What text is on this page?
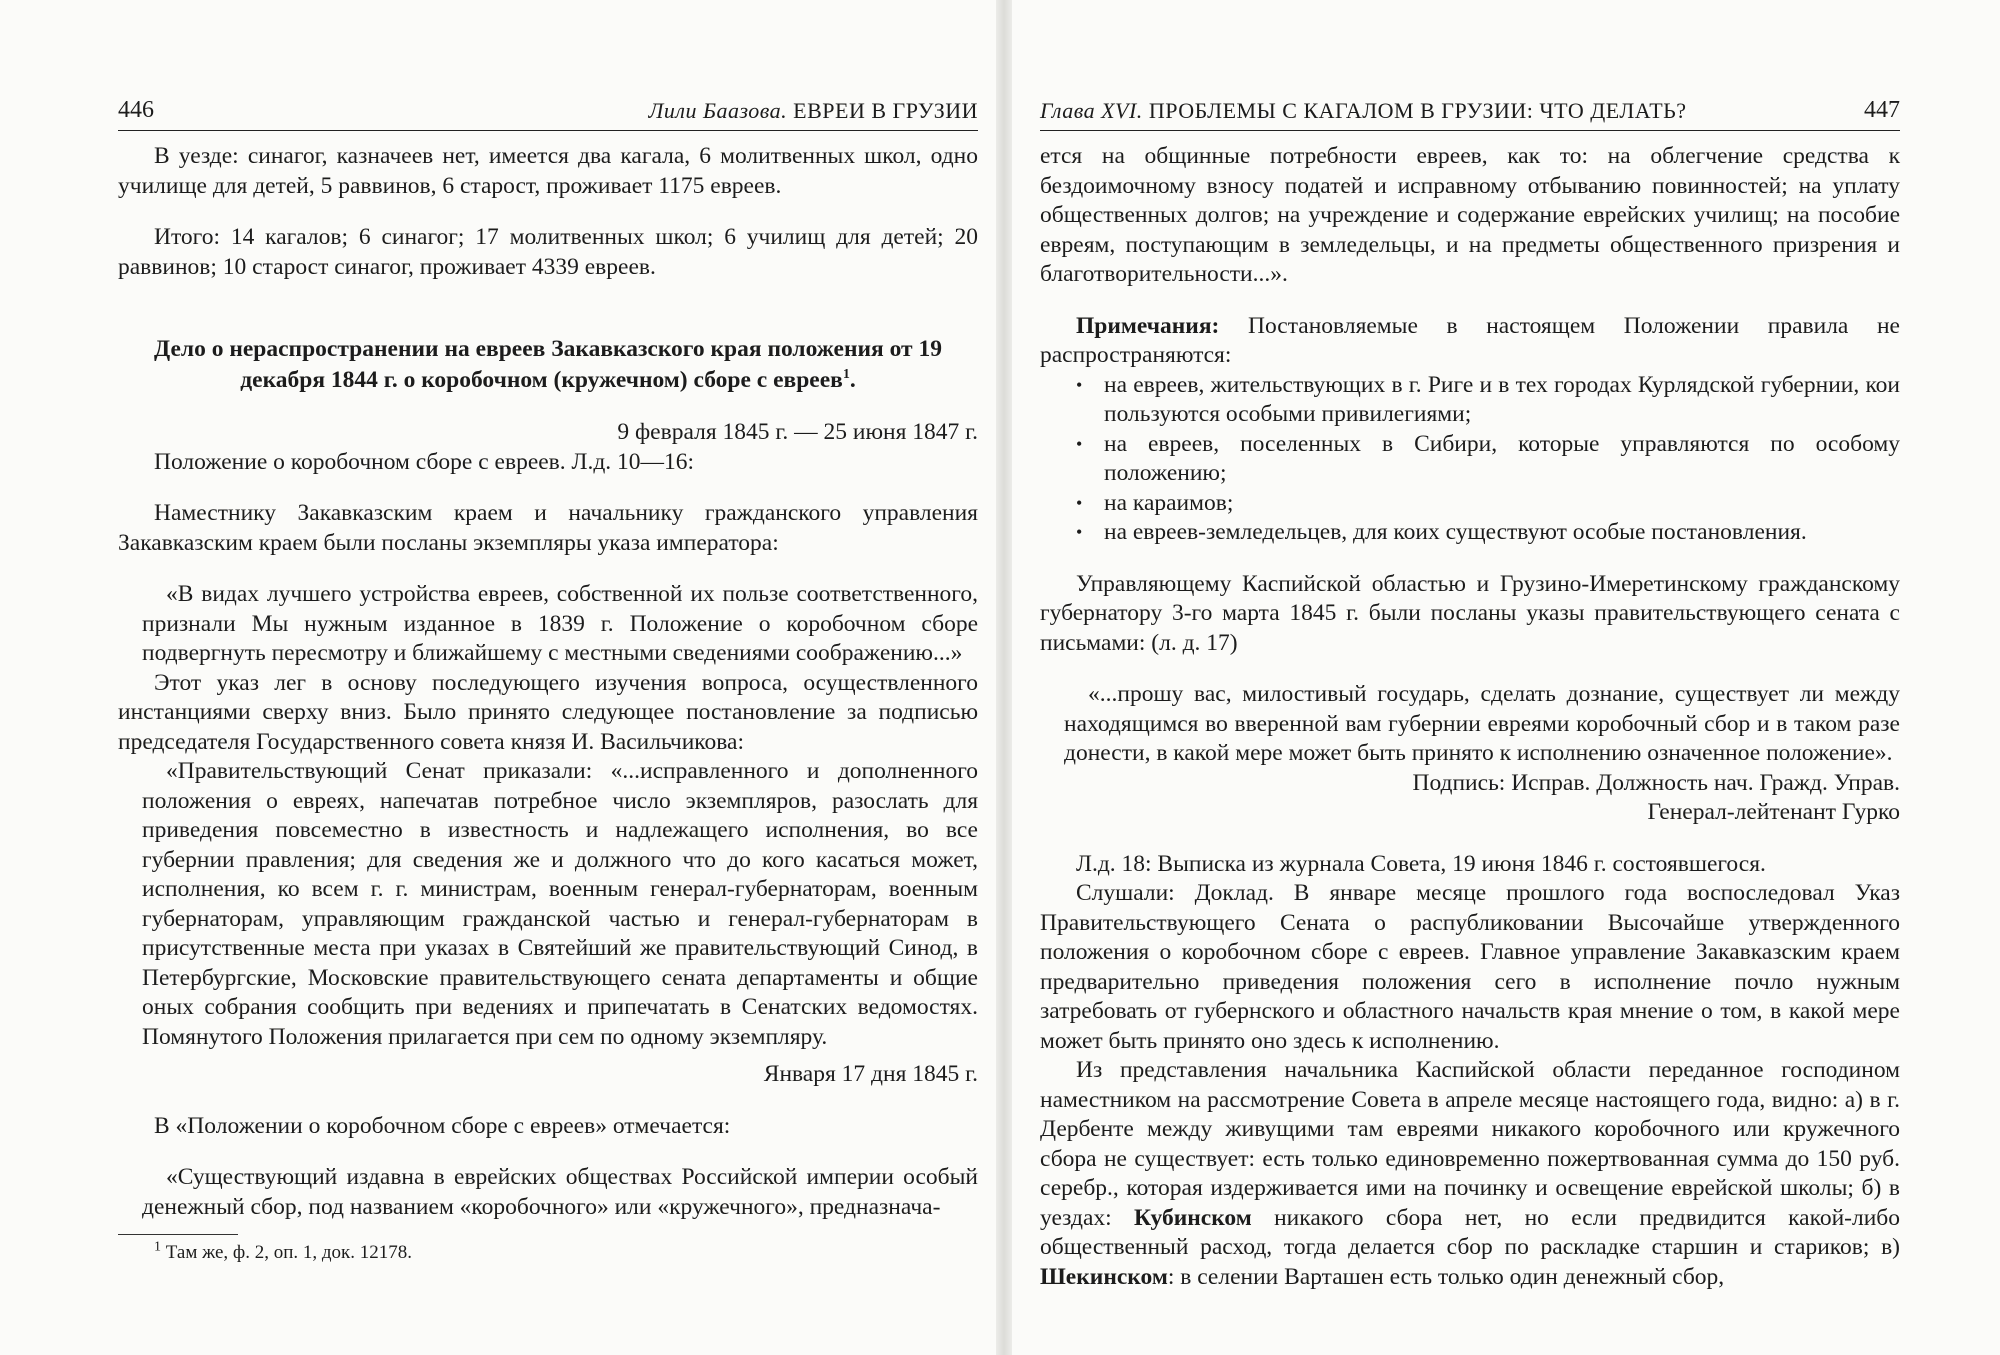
446	Лили Баазова. ЕВРЕИ В ГРУЗИИ

В уезде: синагог, казначеев нет, имеется два кагала, 6 молитвенных школ, одно училище для детей, 5 раввинов, 6 старост, проживает 1175 евреев.

Итого: 14 кагалов; 6 синагог; 17 молитвенных школ; 6 училищ для детей; 20 раввинов; 10 старост синагог, проживает 4339 евреев.

Дело о нераспространении на евреев Закавказского края положения от 19 декабря 1844 г. о коробочном (кружечном) сборе с евреев$^1$.

9 февраля 1845 г. — 25 июня 1847 г.

Положение о коробочном сборе с евреев. Л.д. 10—16:

Наместнику Закавказским краем и начальнику гражданского управления Закавказским краем были посланы экземпляры указа императора:

«В видах лучшего устройства евреев, собственной их пользе соответственного, признали Мы нужным изданное в 1839 г. Положение о коробочном сборе подвергнуть пересмотру и ближайшему с местными сведениями соображению...»

Этот указ лег в основу последующего изучения вопроса, осуществленного инстанциями сверху вниз. Было принято следующее постановление за подписью председателя Государственного совета князя И. Васильчикова:

«Правительствующий Сенат приказали: «...исправленного и дополненного положения о евреях, напечатав потребное число экземпляров, разослать для приведения повсеместно в известность и надлежащего исполнения, во все губернии правления; для сведения же и должного что до кого касаться может, исполнения, ко всем г. г. министрам, военным генерал-губернаторам, военным губернаторам, управляющим гражданской частью и генерал-губернаторам в присутственные места при указах в Святейший же правительствующий Синод, в Петербургские, Московские правительствующего сената департаменты и общие оных собрания сообщить при ведениях и припечатать в Сенатских ведомостях. Помянутого Положения прилагается при сем по одному экземпляру.

Января 17 дня 1845 г.

В «Положении о коробочном сборе с евреев» отмечается:

«Существующий издавна в еврейских обществах Российской империи особый денежный сбор, под названием «коробочного» или «кружечного», предназнача-

$^1$ Там же, ф. 2, оп. 1, док. 12178.

Глава XVI. ПРОБЛЕМЫ С КАГАЛОМ В ГРУЗИИ: ЧТО ДЕЛАТЬ?	447

ется на общинные потребности евреев, как то: на облегчение средства к бездоимочному взносу податей и исправному отбыванию повинностей; на уплату общественных долгов; на учреждение и содержание еврейских училищ; на пособие евреям, поступающим в земледельцы, и на предметы общественного призрения и благотворительности...».

Примечания: Постановляемые в настоящем Положении правила не распространяются:

• на евреев, жительствующих в г. Риге и в тех городах Курлядской губернии, кои пользуются особыми привилегиями;
• на евреев, поселенных в Сибири, которые управляются по особому положению;
• на караимов;
• на евреев-земледельцев, для коих существуют особые постановления.

Управляющему Каспийской областью и Грузино-Имеретинскому гражданскому губернатору 3-го марта 1845 г. были посланы указы правительствующего сената с письмами: (л. д. 17)

«...прошу вас, милостивый государь, сделать дознание, существует ли между находящимся во вверенной вам губернии евреями коробочный сбор и в таком разе донести, в какой мере может быть принято к исполнению означенное положение».

Подпись: Исправ. Должность нач. Гражд. Управ.

Генерал-лейтенант Гурко

Л.д. 18: Выписка из журнала Совета, 19 июня 1846 г. состоявшегося.

Слушали: Доклад. В январе месяце прошлого года воспоследовал Указ Правительствующего Сената о распубликовании Высочайше утвержденного положения о коробочном сборе с евреев. Главное управление Закавказским краем предварительно приведения положения сего в исполнение почло нужным затребовать от губернского и областного начальств края мнение о том, в какой мере может быть принято оно здесь к исполнению.

Из представления начальника Каспийской области переданное господином наместником на рассмотрение Совета в апреле месяце настоящего года, видно: а) в г. Дербенте между живущими там евреями никакого коробочного или кружечного сбора не существует: есть только единовременно пожертвованная сумма до 150 руб. серебр., которая издерживается ими на починку и освещение еврейской школы; б) в уездах: Кубинском никакого сбора нет, но если предвидится какой-либо общественный расход, тогда делается сбор по раскладке старшин и стариков; в) Шекинском: в селении Варташен есть только один денежный сбор,
